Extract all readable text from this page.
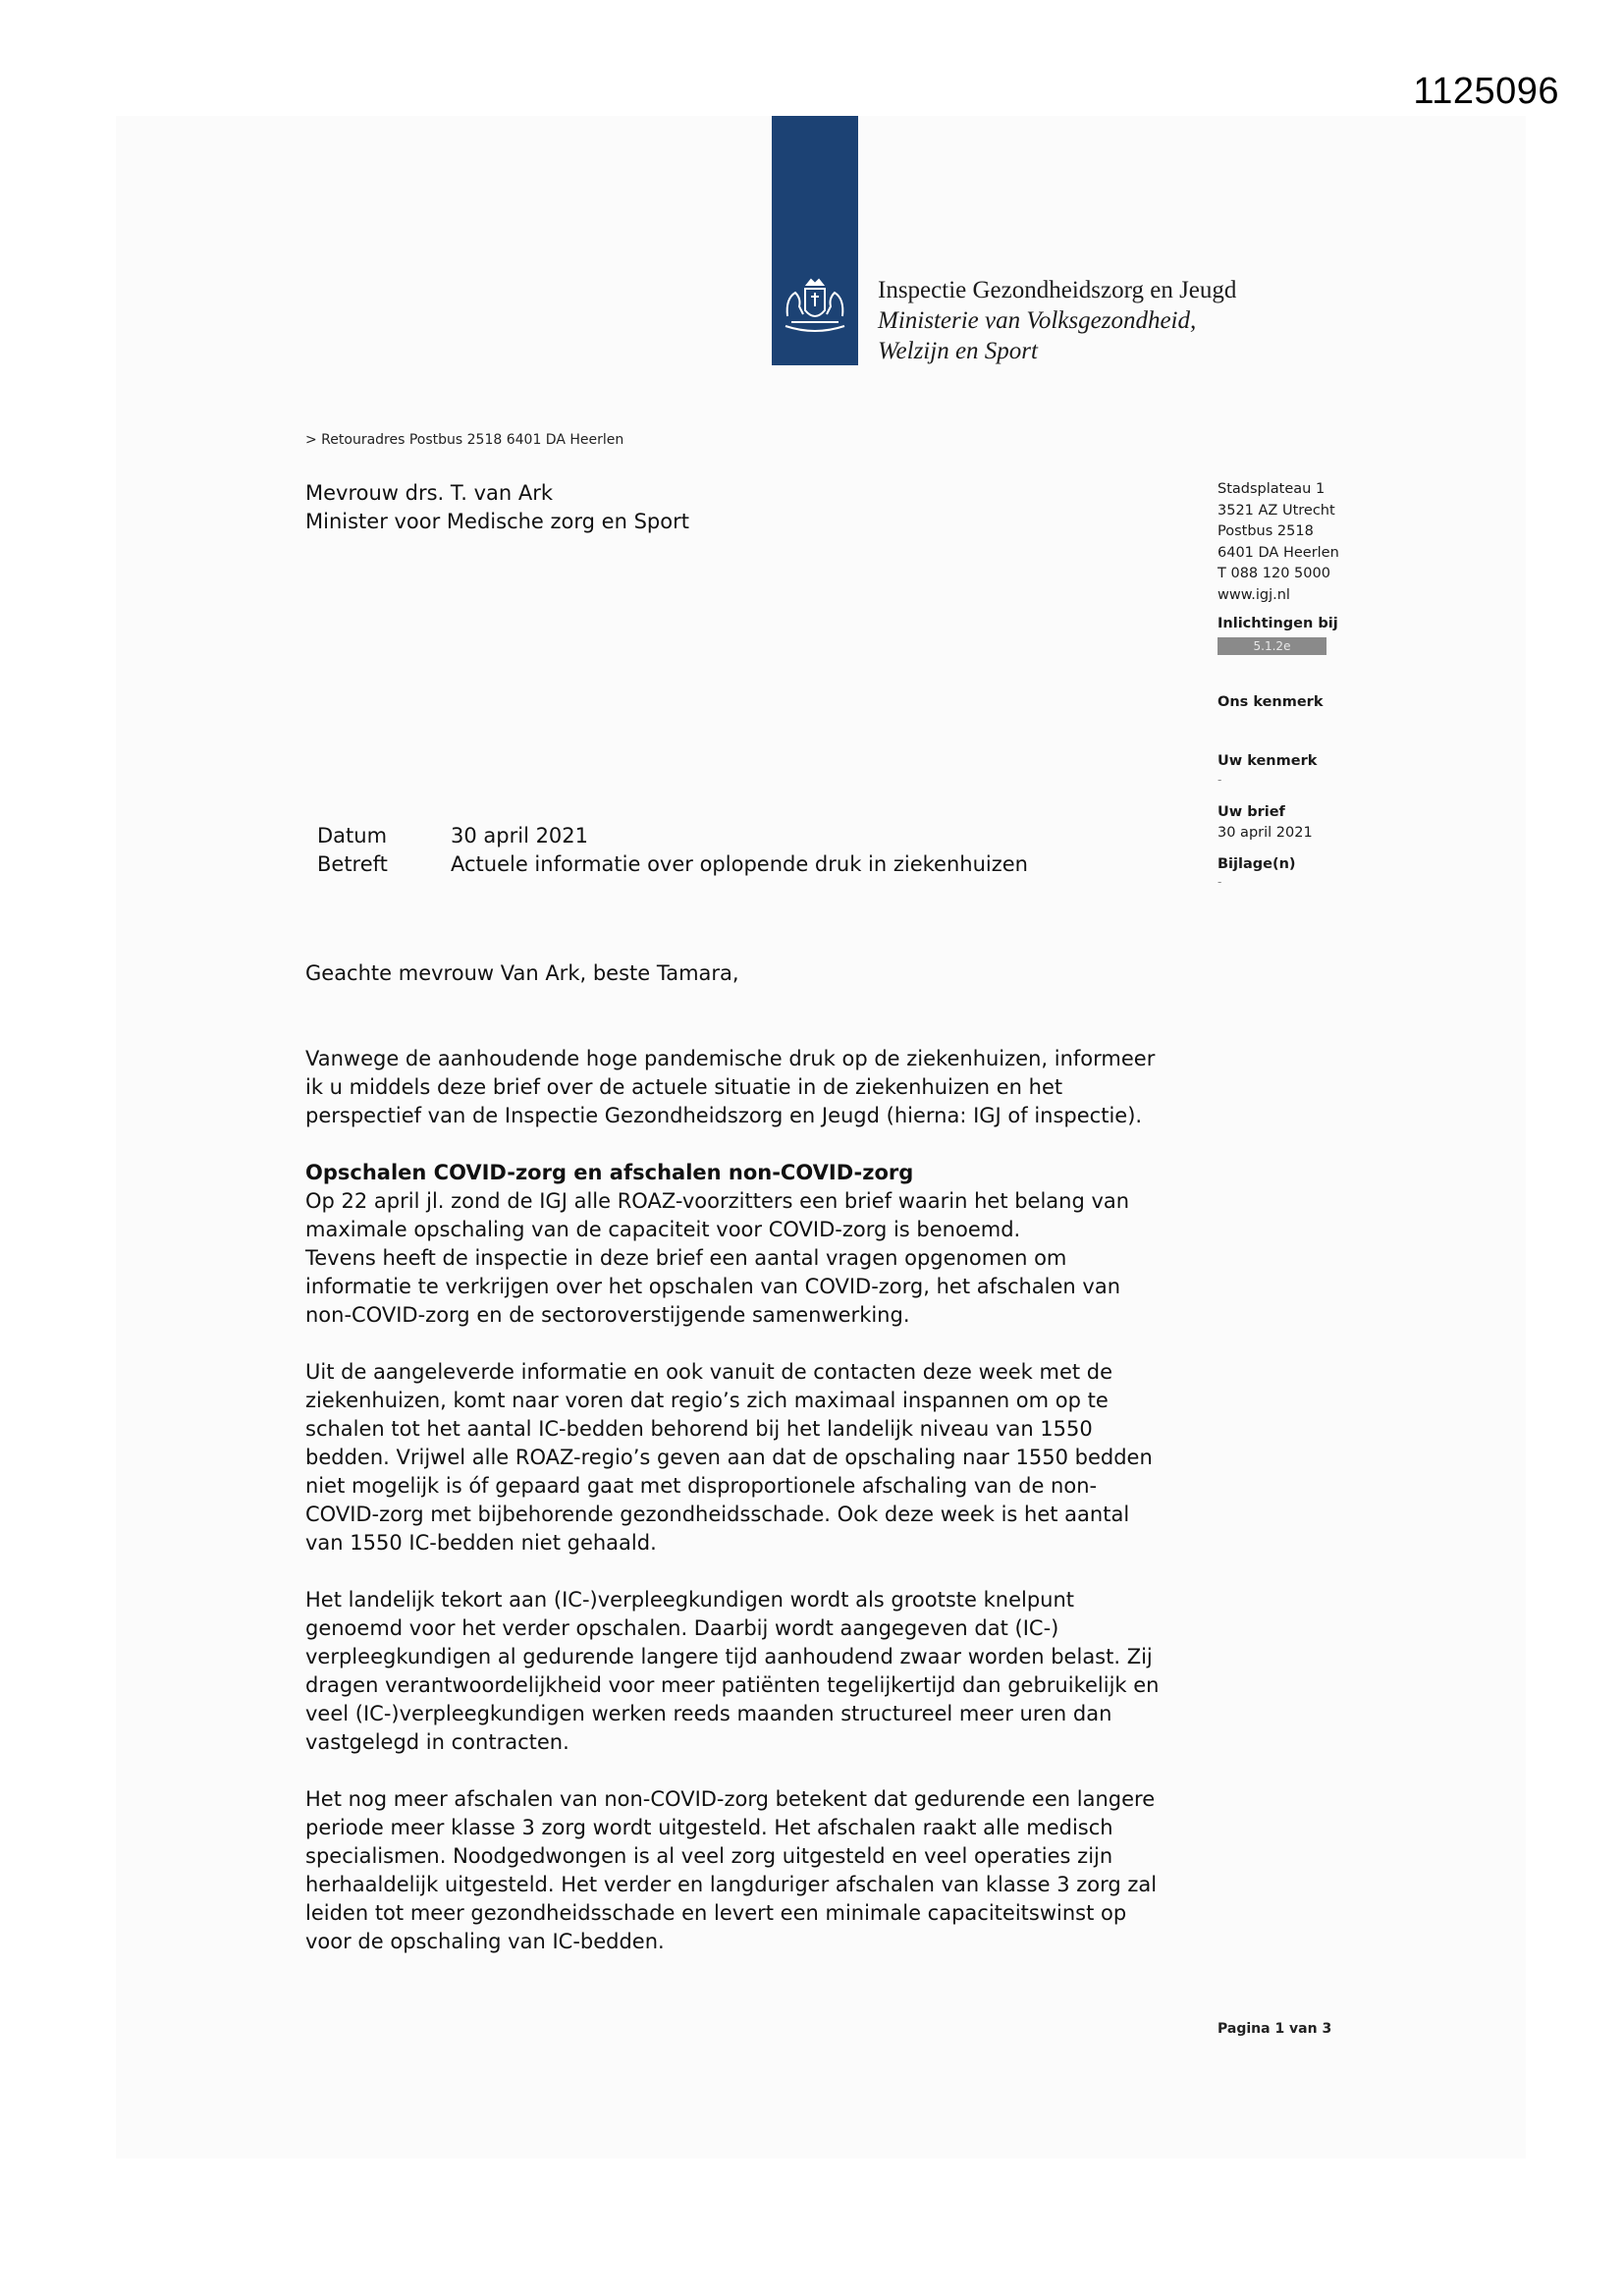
1125096
Inspectie Gezondheidszorg en Jeugd
Ministerie van Volksgezondheid,
Welzijn en Sport
> Retouradres Postbus 2518 6401 DA Heerlen
Mevrouw drs. T. van Ark
Minister voor Medische zorg en Sport
Stadsplateau 1
3521 AZ Utrecht
Postbus 2518
6401 DA Heerlen
T 088 120 5000
www.igj.nl
Inlichtingen bij
5.1.2e
Ons kenmerk
Uw kenmerk
-
Uw brief
30 april 2021
Bijlage(n)
-
Datum	30 april 2021
Betreft	Actuele informatie over oplopende druk in ziekenhuizen
Geachte mevrouw Van Ark, beste Tamara,
Vanwege de aanhoudende hoge pandemische druk op de ziekenhuizen, informeer
ik u middels deze brief over de actuele situatie in de ziekenhuizen en het
perspectief van de Inspectie Gezondheidszorg en Jeugd (hierna: IGJ of inspectie).
Opschalen COVID-zorg en afschalen non-COVID-zorg
Op 22 april jl. zond de IGJ alle ROAZ-voorzitters een brief waarin het belang van
maximale opschaling van de capaciteit voor COVID-zorg is benoemd.
Tevens heeft de inspectie in deze brief een aantal vragen opgenomen om
informatie te verkrijgen over het opschalen van COVID-zorg, het afschalen van
non-COVID-zorg en de sectoroverstijgende samenwerking.
Uit de aangeleverde informatie en ook vanuit de contacten deze week met de
ziekenhuizen, komt naar voren dat regio’s zich maximaal inspannen om op te
schalen tot het aantal IC-bedden behorend bij het landelijk niveau van 1550
bedden. Vrijwel alle ROAZ-regio’s geven aan dat de opschaling naar 1550 bedden
niet mogelijk is óf gepaard gaat met disproportionele afschaling van de non-
COVID-zorg met bijbehorende gezondheidsschade. Ook deze week is het aantal
van 1550 IC-bedden niet gehaald.
Het landelijk tekort aan (IC-)verpleegkundigen wordt als grootste knelpunt
genoemd voor het verder opschalen. Daarbij wordt aangegeven dat (IC-)
verpleegkundigen al gedurende langere tijd aanhoudend zwaar worden belast. Zij
dragen verantwoordelijkheid voor meer patiënten tegelijkertijd dan gebruikelijk en
veel (IC-)verpleegkundigen werken reeds maanden structureel meer uren dan
vastgelegd in contracten.
Het nog meer afschalen van non-COVID-zorg betekent dat gedurende een langere
periode meer klasse 3 zorg wordt uitgesteld. Het afschalen raakt alle medisch
specialismen. Noodgedwongen is al veel zorg uitgesteld en veel operaties zijn
herhaaldelijk uitgesteld. Het verder en langduriger afschalen van klasse 3 zorg zal
leiden tot meer gezondheidsschade en levert een minimale capaciteitswinst op
voor de opschaling van IC-bedden.
Pagina 1 van 3
